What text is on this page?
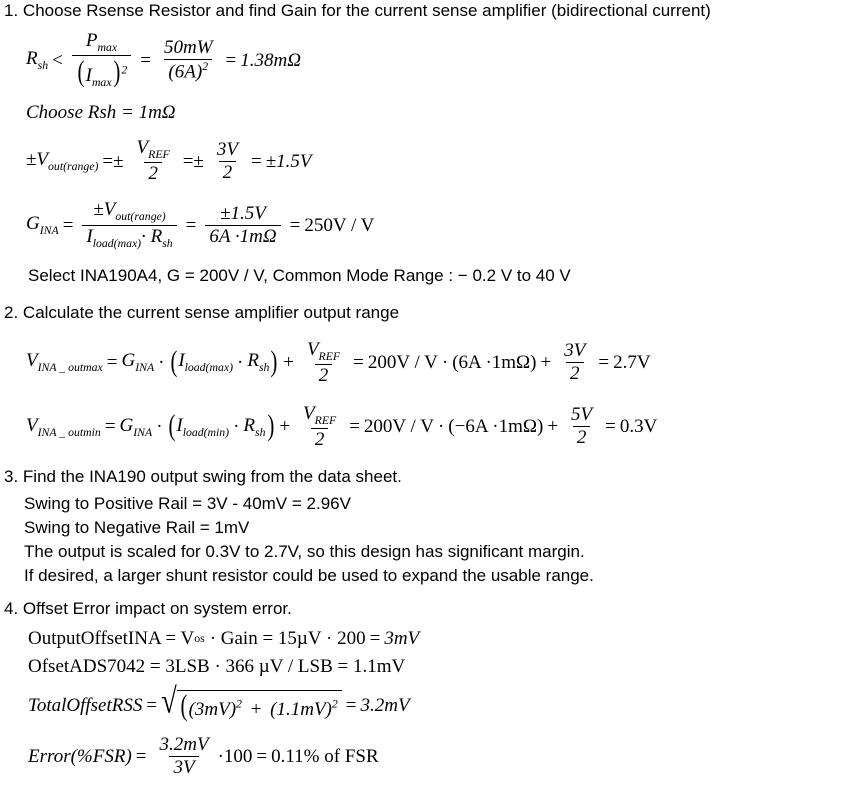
1. Choose Rsense Resistor and find Gain for the current sense amplifier (bidirectional current)
$R_{sh} < \frac{P_{max}}{(I_{max})^2} = \frac{50mW}{(6A)^2} = 1.38m\Omega$
Choose Rsh = 1mΩ
$\pm V_{out(range)} =\pm \frac{V_{REF}}{2} =\pm \frac{3V}{2} = \pm 1.5V$
$G_{INA} = \frac{\pm V_{out(range)}}{I_{load(max)}\cdot R_{sh}} = \frac{\pm 1.5V}{6A \cdot 1m\Omega} = 250V / V$
Select INA190A4, G = 200V / V, Common Mode Range : − 0.2 V to 40 V
2. Calculate the current sense amplifier output range
$V_{INA \_ outmax} = G_{INA}$ · ( $I_{load(max)} \cdot R_{sh}$ ) + $\frac{V_{REF}}{2} = 200V / V \cdot (6A \cdot 1m\Omega) + \frac{3V}{2} = 2.7V$
$V_{INA \_ outmin} = G_{INA}$ · ( $I_{load(min)} \cdot R_{sh}$ ) + $\frac{V_{REF}}{2} = 200V / V \cdot (-6A \cdot 1m\Omega) + \frac{5V}{2} = 0.3V$
3. Find the INA190 output swing from the data sheet.
Swing to Positive Rail = 3V - 40mV = 2.96V
Swing to Negative Rail = 1mV
The output is scaled for 0.3V to 2.7V, so this design has significant margin.
If desired, a larger shunt resistor could be used to expand the usable range.
4. Offset Error impact on system error.
OutputOffsetINA = V os · Gain = 15µV · 200 = 3mV
OfsetADS7042 = 3LSB · 366 µV / LSB = 1.1mV
TotalOffsetRSS = √ ($(3mV)^2 + (1.1mV)^2 = 3.2mV$
Error(%FSR) = $\frac{3.2mV}{3V} \cdot 100 = 0.11\%$ of FSR
